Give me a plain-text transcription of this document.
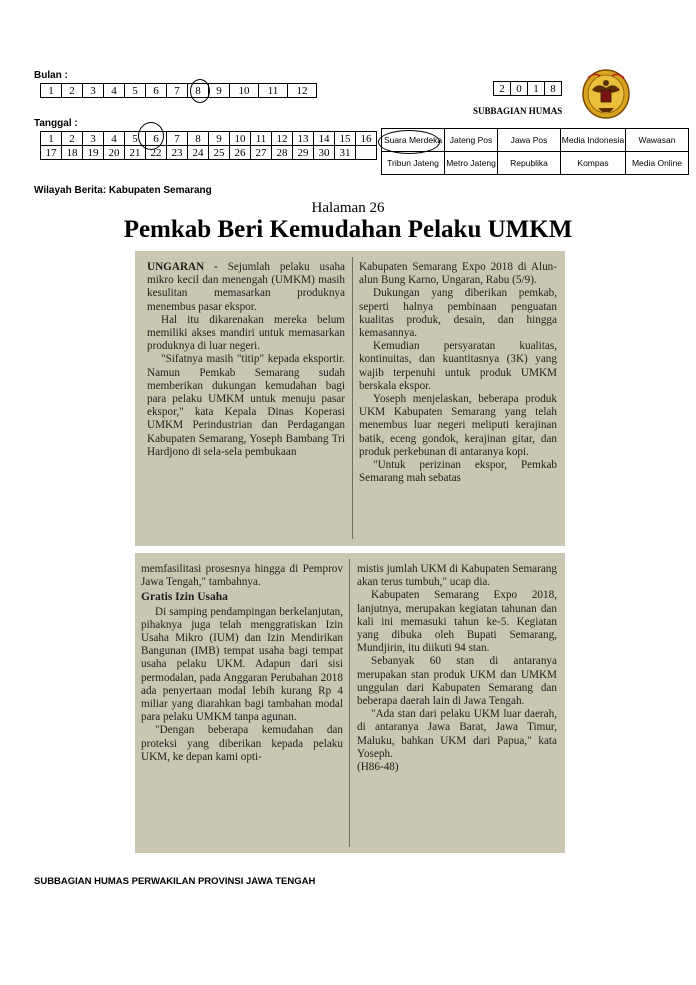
Bulan :
1	2	3	4	5	6	7	8	9	10	11	12
Tanggal :
1	2	3	4	5	6	7	8	9	10	11	12	13	14	15	16
17	18	19	20	21	22	23	24	25	26	27	28	29	30	31	
Wilayah Berita: Kabupaten Semarang
2	0	1	8
SUBBAGIAN HUMAS
Suara Merdeka	Jateng Pos	Jawa Pos	Media Indonesia	Wawasan
Tribun Jateng	Metro Jateng	Republika	Kompas	Media Online
Halaman 26
Pemkab Beri Kemudahan Pelaku UMKM

UNGARAN - Sejumlah pelaku usaha mikro kecil dan menengah (UMKM) masih kesulitan memasarkan produknya menembus pasar ekspor.

Hal itu dikarenakan mereka belum memiliki akses mandiri untuk memasarkan produknya di luar negeri.

"Sifatnya masih "titip" kepada eksportir. Namun Pemkab Semarang sudah memberikan dukungan kemudahan bagi para pelaku UMKM untuk menuju pasar ekspor," kata Kepala Dinas Koperasi UMKM Perindustrian dan Perdagangan Kabupaten Semarang, Yoseph Bambang Tri Hardjono di sela-sela pembukaan

Kabupaten Semarang Expo 2018 di Alun-alun Bung Karno, Ungaran, Rabu (5/9).

Dukungan yang diberikan pemkab, seperti halnya pembinaan penguatan kualitas produk, desain, dan hingga kemasannya.

Kemudian persyaratan kualitas, kontinuitas, dan kuantitasnya (3K) yang wajib terpenuhi untuk produk UMKM berskala ekspor.

Yoseph menjelaskan, beberapa produk UKM Kabupaten Semarang yang telah menembus luar negeri meliputi kerajinan batik, eceng gondok, kerajinan gitar, dan produk perkebunan di antaranya kopi.

"Untuk perizinan ekspor, Pemkab Semarang mah sebatas

memfasilitasi prosesnya hingga di Pemprov Jawa Tengah," tambahnya.

Gratis Izin Usaha

Di samping pendampingan berkelanjutan, pihaknya juga telah menggratiskan Izin Usaha Mikro (IUM) dan Izin Mendirikan Bangunan (IMB) tempat usaha bagi tempat usaha pelaku UKM. Adapun dari sisi permodalan, pada Anggaran Perubahan 2018 ada penyertaan modal lebih kurang Rp 4 miliar yang diarahkan bagi tambahan modal para pelaku UMKM tanpa agunan.

"Dengan beberapa kemudahan dan proteksi yang diberikan kepada pelaku UKM, ke depan kami opti-

mistis jumlah UKM di Kabupaten Semarang akan terus tumbuh," ucap dia.

Kabupaten Semarang Expo 2018, lanjutnya, merupakan kegiatan tahunan dan kali ini memasuki tahun ke-5. Kegiatan yang dibuka oleh Bupati Semarang, Mundjirin, itu diikuti 94 stan.

Sebanyak 60 stan di antaranya merupakan stan produk UKM dan UMKM unggulan dari Kabupaten Semarang dan beberapa daerah lain di Jawa Tengah.

"Ada stan dari pelaku UKM luar daerah, di antaranya Jawa Barat, Jawa Timur, Maluku, bahkan UKM dari Papua," kata Yoseph.

(H86-48)

SUBBAGIAN HUMAS PERWAKILAN PROVINSI JAWA TENGAH
